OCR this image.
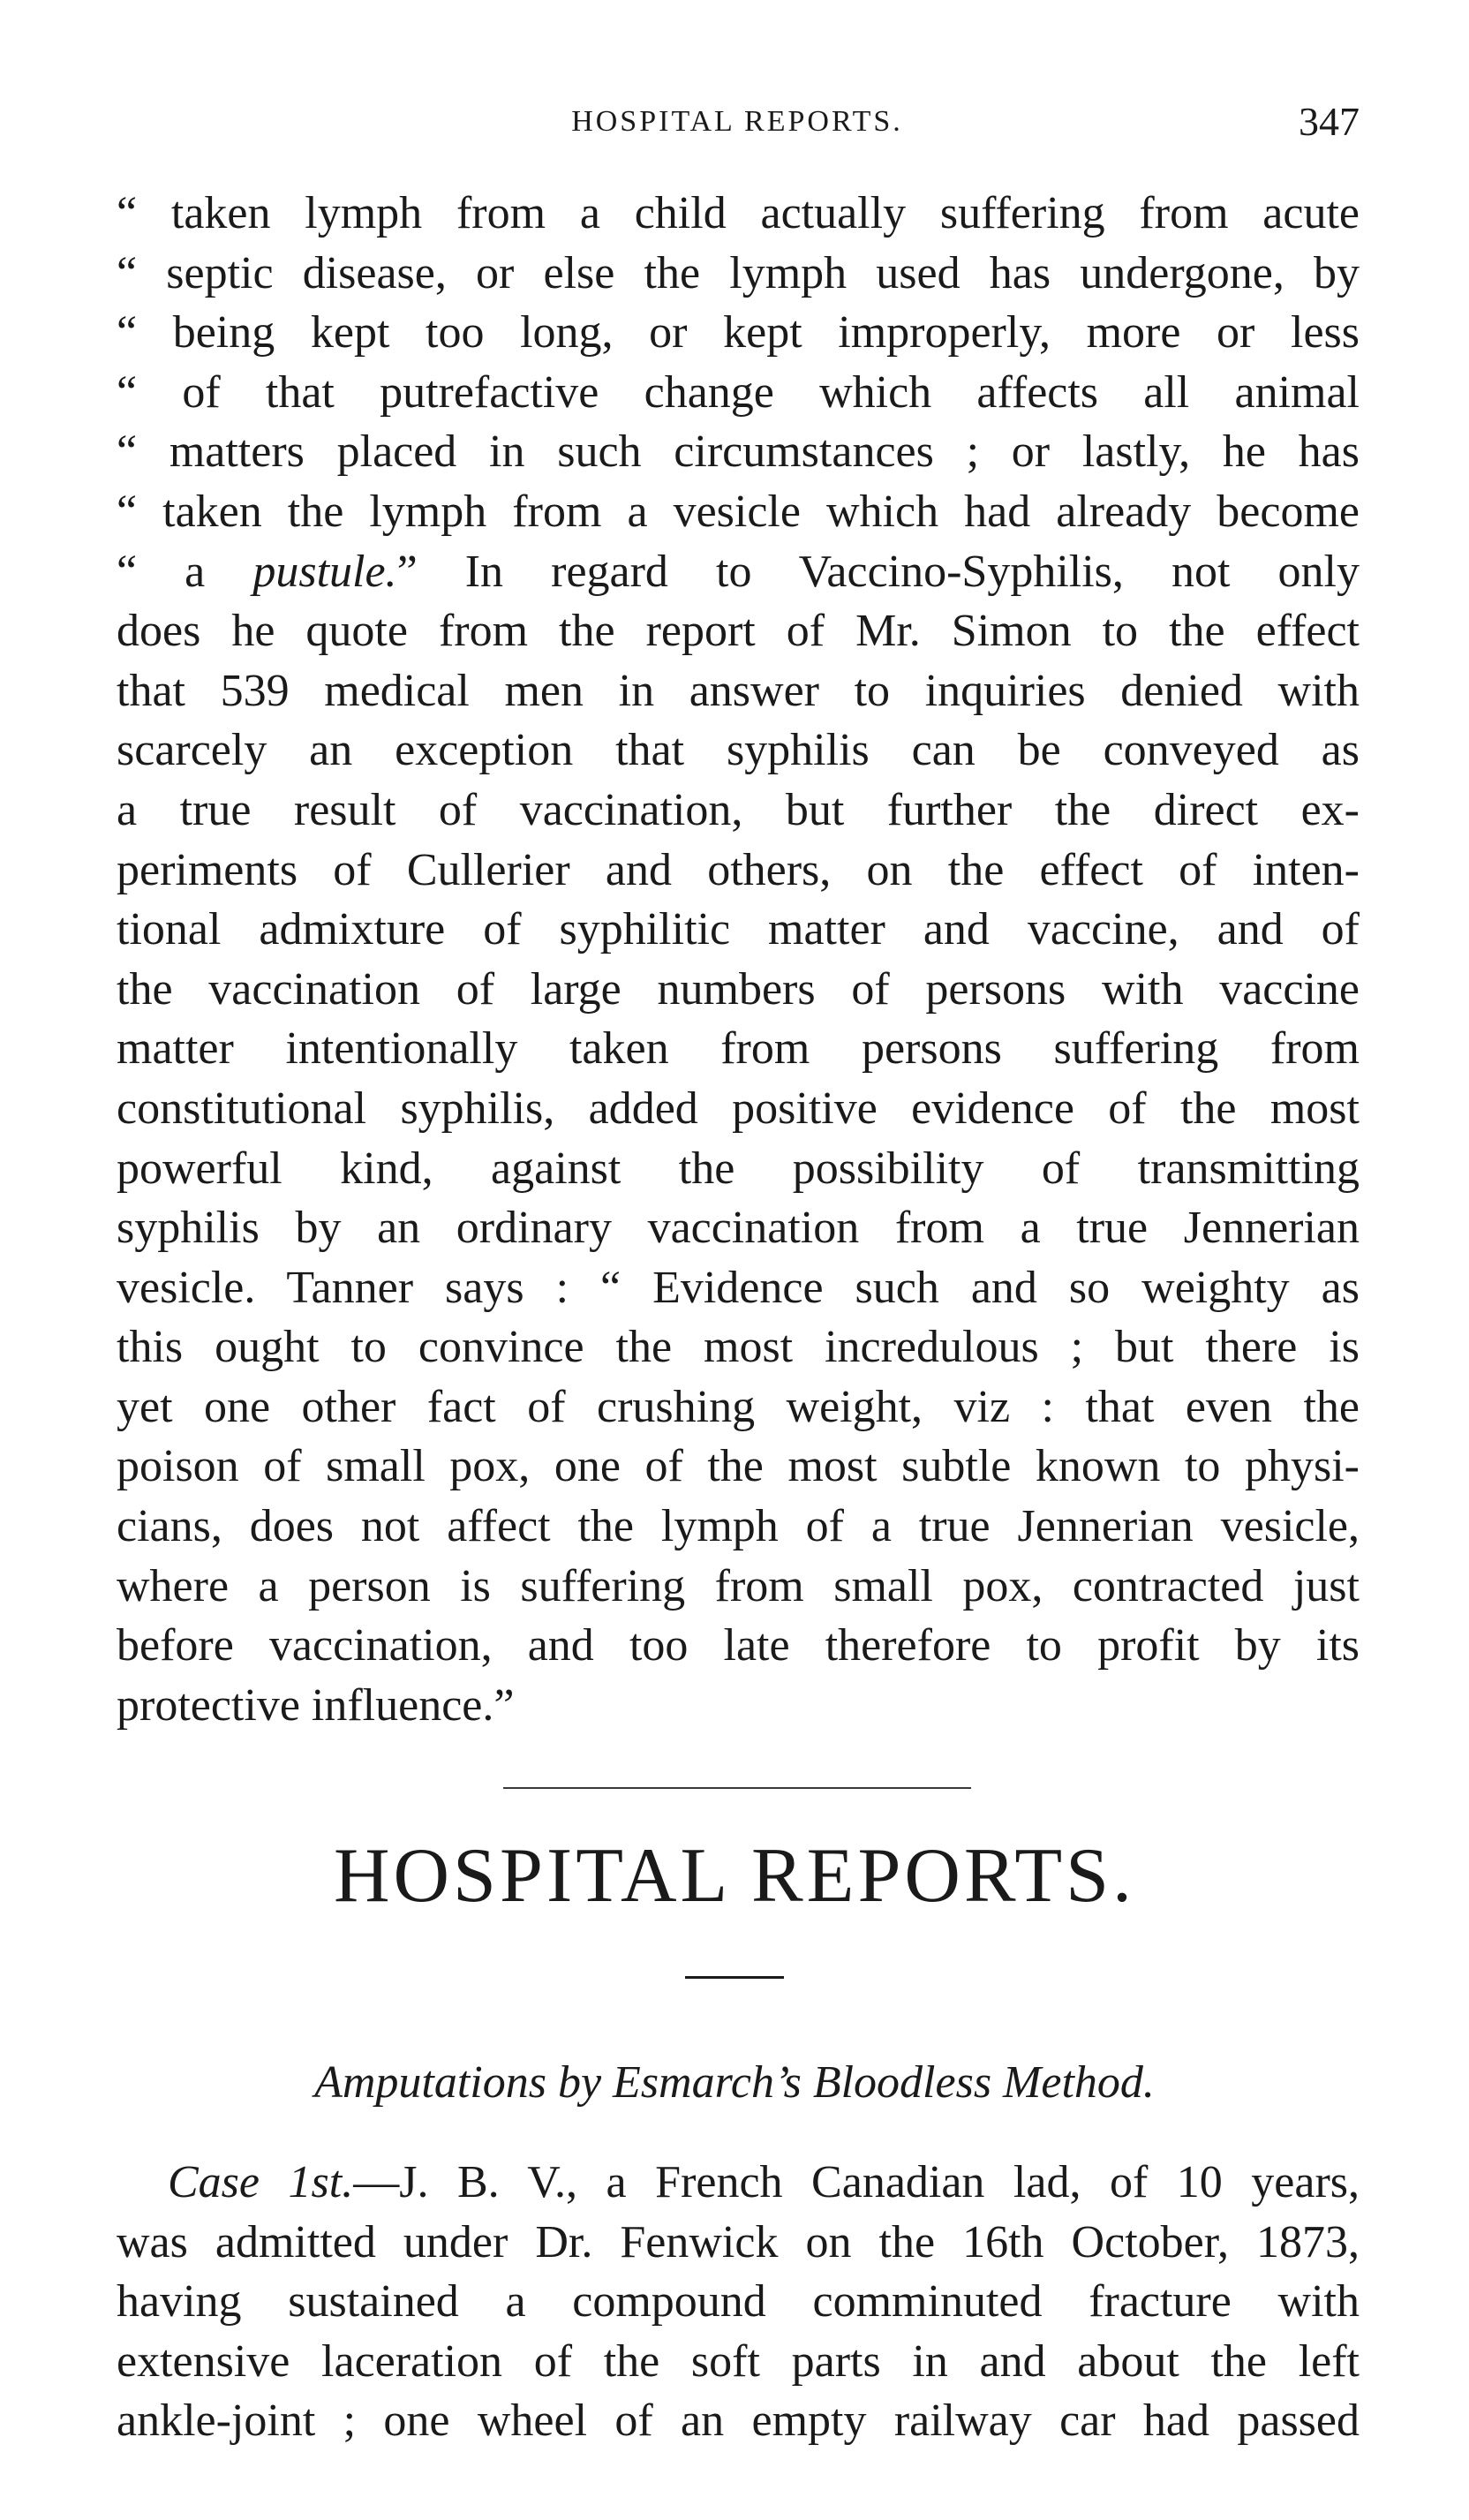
HOSPITAL REPORTS.	347
“ taken lymph from a child actually suffering from acute
“ septic disease, or else the lymph used has undergone, by
“ being kept too long, or kept improperly, more or less
“ of that putrefactive change which affects all animal
“ matters placed in such circumstances ; or lastly, he has
“ taken the lymph from a vesicle which had already become
“ a pustule.” In regard to Vaccino-Syphilis, not only
does he quote from the report of Mr. Simon to the effect
that 539 medical men in answer to inquiries denied with
scarcely an exception that syphilis can be conveyed as
a true result of vaccination, but further the direct ex-
periments of Cullerier and others, on the effect of inten-
tional admixture of syphilitic matter and vaccine, and of
the vaccination of large numbers of persons with vaccine
matter intentionally taken from persons suffering from
constitutional syphilis, added positive evidence of the most
powerful kind, against the possibility of transmitting
syphilis by an ordinary vaccination from a true Jennerian
vesicle. Tanner says : “ Evidence such and so weighty as
this ought to convince the most incredulous ; but there is
yet one other fact of crushing weight, viz : that even the
poison of small pox, one of the most subtle known to physi-
cians, does not affect the lymph of a true Jennerian vesicle,
where a person is suffering from small pox, contracted just
before vaccination, and too late therefore to profit by its
protective influence.”
HOSPITAL REPORTS.
Amputations by Esmarch’s Bloodless Method.
Case 1st.—J. B. V., a French Canadian lad, of 10 years,
was admitted under Dr. Fenwick on the 16th October, 1873,
having sustained a compound comminuted fracture with
extensive laceration of the soft parts in and about the left
ankle-joint ; one wheel of an empty railway car had passed
